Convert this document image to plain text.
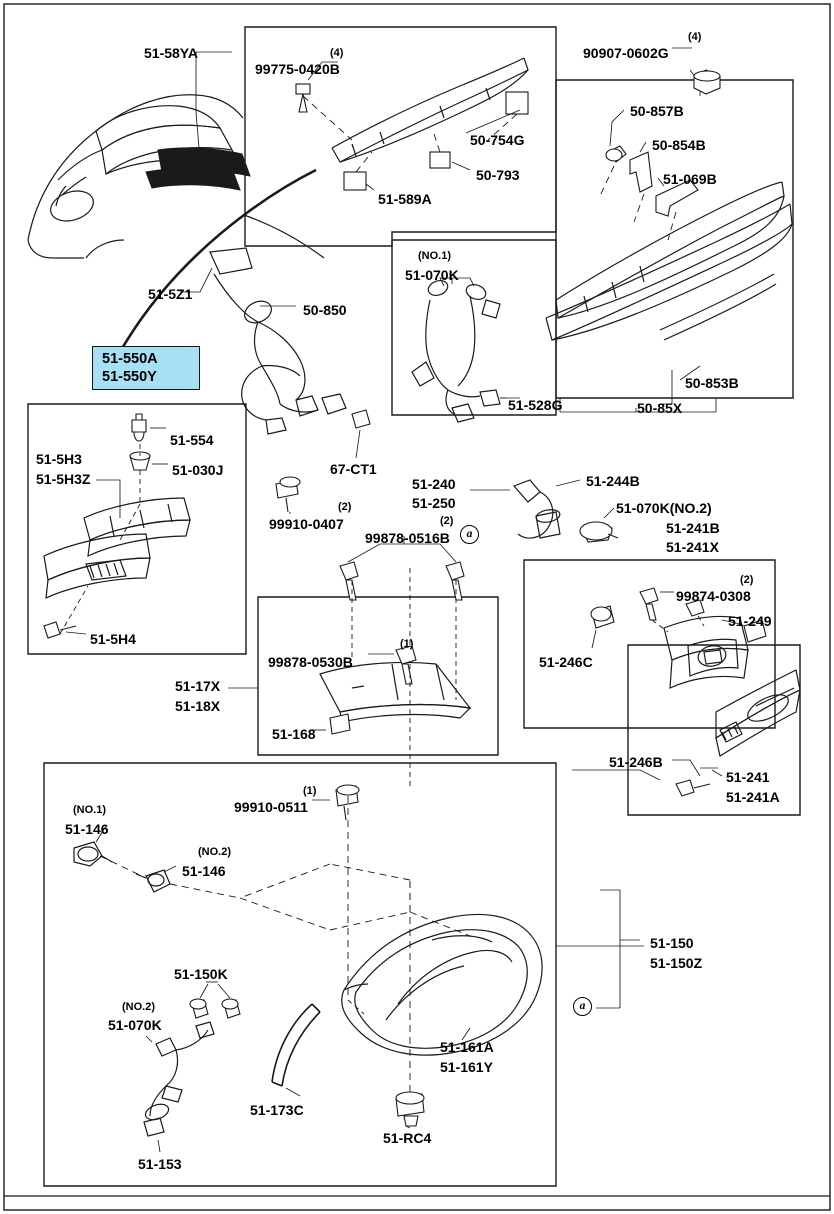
51-550A
51-550Y
51-58YA	(4)
99775-0420B
90907-0602G
(4)
50-857B
50-854B
51-069B
50-754G
50-793
51-589A
51-5Z1
50-850
(NO.1)
51-070K
51-528G
50-853B
50-85X
51-554
51-5H3
51-5H3Z
51-030J	67-CT1
(2)
99910-0407
51-240
51-250
51-244B
51-070K(NO.2)
51-241B
51-241X
(2)
99878-0516B
(2)
99874-0308
51-249
51-246C
51-5H4	(1)
99878-0530B
51-17X
51-18X
51-168
51-246B
51-241
51-241A
(1)
99910-0511
(NO.1)
51-146
(NO.2)
51-146
51-150
51-150Z
51-150K
(NO.2)
51-070K
51-161A
51-161Y
51-173C
51-RC4
51-153
a
a
